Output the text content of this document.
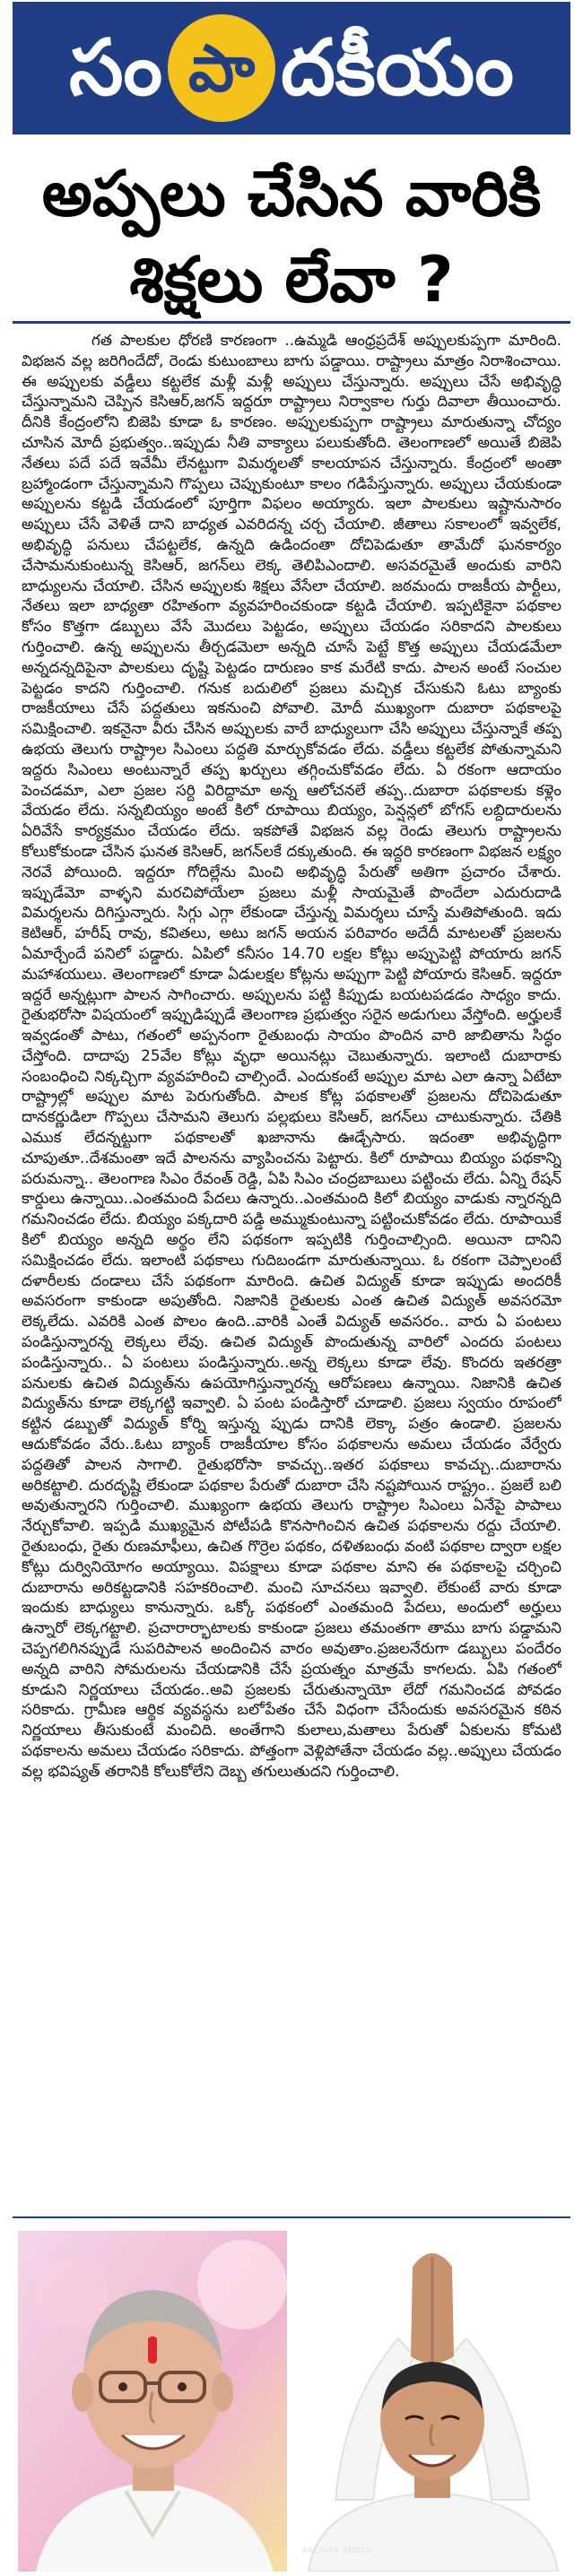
సం పా దకీయం
అప్పలు చేసిన వారికి
శిక్షలు లేవా ?

గత పాలకుల ధోరణి కారణంగా ..ఉమ్మడి ఆంధ్రప్రదేశ్ అప్పులకుప్పగా మారింది. విభజన వల్ల జరిగిందేదో, రెండు కుటుంబాలు బాగు పడ్డాయి. రాష్ట్రాలు మాత్రం నిరాశించాయి. ఈ అప్పులకు వడ్డీలు కట్టలేక మళ్లీ మళ్లీ అప్పులు చేస్తున్నారు. అప్పులు చేసే అభివృద్ధి చేస్తున్నామని చెప్పిన కెసిఆర్,జగన్ ఇద్దరూ రాష్ట్రాలు నిర్వాకాల గుర్తు దివాలా తీయించారు. దీనికి కేంద్రంలోని బిజెపి కూడా ఓ కారణం. అప్పులకుప్పగా రాష్ట్రాలు మారుతున్నా చోద్యం చూసిన మోదీ ప్రభుత్వం..ఇప్పుడు నీతి వాక్యాలు పలుకుతోంది. తెలంగాణలో అయితే బిజెపి నేతలు పదే పదే ఇవేమీ లేనట్టుగా విమర్శలతో కాలయాపన చేస్తున్నారు. కేంద్రంలో అంతా బ్రహ్మాండంగా చేస్తున్నామని గొప్పలు చెప్పుకుంటూ కాలం గడిపేస్తున్నారు. అప్పులు చేయకుండా అప్పులను కట్టడి చేయడంలో పూర్తిగా విఫలం అయ్యారు. ఇలా పాలకులు ఇష్టానుసారం అప్పులు చేసే వెళితే దాని బాధ్యత ఎవరిదన్న చర్చ చేయాలి. జీతాలు సకాలంలో ఇవ్వలేక, అభివృద్ధి పనులు చేపట్టలేక, ఉన్నది ఉడిందంతా దోచిపెడుతూ తామేదో ఘనకార్యం చేసామనుకుంటున్న కెసిఆర్, జగన్‌లు లెక్క తెలిపిఎందాలి. అసవరమైతే అందుకు వారిని బాధ్యులను చేయాలి. చేసిన అప్పులకు శిక్షలు వేసేలా చేయాలి. జఠమందు రాజకీయ పార్టీలు, నేతలు ఇలా బాధ్యతా రహితంగా వ్యవహరించకుండా కట్టడి చేయాలి. ఇప్పటికైనా పథకాల కోసం కొత్తగా డబ్బులు వేసే మొదలు పెట్టడం, అప్పులు చేయడం సరికాదని పాలకులు గుర్తించాలి. ఉన్న అప్పులను తీర్చడమెలా అన్నది చూసే పెట్టే కొత్త అప్పులు చేయడమేలా అన్నదన్నదిపైనా పాలకులు దృష్టి పెట్టడం దారుణం కాక మరేటి కాదు. పాలన అంటే సంచుల పెట్టడం కాదని గుర్తించాలి. గనుక బదులిలో ప్రజలు మచ్చిక చేసుకుని ఓటు బ్యాంకు రాజకీయాలు చేసే పద్దతులు ఇకనుంచి పోవాలి. మోదీ ముఖ్యంగా దుబారా పథకాలపై సమిక్షించాలి. ఇకనైనా వీరు చేసిన అప్పులకు వారే బాధ్యులుగా చేసి అప్పులు చేస్తున్నాకే తప్ప ఉభయ తెలుగు రాష్ట్రాల సిఎంలు పద్దతి మార్చుకోవడం లేదు. వడ్డీలు కట్టలేక పోతున్నామని ఇద్దరు సిఎంలు అంటున్నారే తప్ప ఖర్చులు తగ్గించుకోవడం లేదు. ఏ రకంగా ఆదాయం పెంచడమా, ఎలా ప్రజల సర్ది విరిద్దామా అన్న ఆలోచనలే తప్ప..దుబారా పథకాలకు కళ్లెం వేయడం లేదు. సన్నబియ్యం అంటే కిలో రూపాయి బియ్యం, పెన్షన్లలో బోగస్ లబ్దిదారులను ఏరివేసే కార్యక్రమం చేయడం లేదు. ఇకపోతే విభజన వల్ల రెండు తెలుగు రాష్ట్రాలను కోలుకోకుండా చేసిన ఘనత కెసిఆర్, జగన్‌లకే దక్కుతుంది. ఈ ఇద్దరి కారణంగా విభజన లక్ష్యం నెరవే పోయింది. ఇద్దరూ గోదిల్లేను మించి అభివృద్ధి పేరుతో అతిగా ప్రచారం చేశారు. ఇప్పుడేమో వాళ్ళని మరచిపోయేలా ప్రజలు మళ్లీ సాయమైతే పొందేలా ఎదురుదాడి విమర్శలను దిగిస్తున్నారు. సిగ్గు ఎగ్గా లేకుండా చేస్తున్న విమర్శలు చూస్తే మతిపోతుంది. ఇదు కెటిఆర్, హరీష్ రావు, కవితలు, అటు జగన్ అయన పరివారం అదేదీ మాటలతో ప్రజలను ఏమార్చేందే పనిలో పడ్డారు. ఏపిలో కనీసం 14.70 లక్షల కోట్లు అప్పుపెట్టి పోయారు జగన్ మహాశయులు. తెలంగాణలో కూడా ఏడులక్షల కోట్లను అప్పుగా పెట్టి పోయారు కెసిఆర్. ఇద్దరూ ఇద్దరే అన్నట్లుగా పాలన సాగించారు. అప్పులను పట్టి కిప్పుడు బయటపడడం సాధ్యం కాదు. రైతుభరోసా విషయంలో ఇప్పుడిప్పుడే తెలంగాణ ప్రభుత్వం సరైన అడుగులు వేస్తోంది. అర్హులకే ఇవ్వడంతో పాటు, గతంలో అప్పనంగా రైతుబంధు సాయం పొందిన వారి జాబితాను సిద్ధం చేస్తోంది. దాదాపు 25వేల కోట్లు వృధా అయినట్లు చెబుతున్నారు. ఇలాంటి దుబారాకు సంబంధించి నిక్కచ్చిగా వ్యవహరించి చాల్సిందే. ఎందుకంటే అప్పుల మాట ఎలా ఉన్నా ఏటేటా రాష్ట్రాల్లో అప్పుల మాట పెరుగుతోంది. పాలక కోట్ల పథకాలతో ప్రజలను దోచిపెడుతూ దానకర్ణుడిలా గొప్పలు చేసామని తెలుగు పల్లభులు కెసిఆర్, జగన్‌లు చాటుకున్నారు. చేతికి ఎముక లేదన్నట్టుగా పథకాలతో ఖజానాను ఊడ్చేసారు. ఇదంతా అభివృద్ధిగా చూపుతూ..దేశమంతా ఇదే పాలనను వ్యాపించను పెట్టారు. కిలో రూపాయి బియ్యం పథకాన్ని పరుమన్నా.. తెలంగాణ సిఎం రేవంత్ రెడ్డి, ఏపి సిఎం చంద్రబాబులు పట్టించు లేదు. ఏన్ని రేషన్ కార్డులు ఉన్నాయి..ఎంతమంది పేదలు ఉన్నారు..ఎంతమంది కిలో బియ్యం వాడుకు న్నారన్నది గమనించడం లేదు. బియ్యం పక్కదారి పడ్డి అమ్ముకుంటున్నా పట్టించుకోవడం లేదు. రూపాయికే కిలో బియ్యం అన్నది అర్థం లేని పథకంగా ఇప్పటికి గుర్తించాల్సింది. అయినా దానిని సమిక్షించడం లేదు. ఇలాంటి పథకాలు గుదిబండగా మారుతున్నాయి. ఓ రకంగా చెప్పాలంటే దళారీలకు దండాలు చేసే పథకంగా మారింది. ఉచిత విద్యుత్ కూడా ఇప్పుడు అందరికీ అవసరంగా కాకుండా అపుతోంది. నిజానికి రైతులకు ఎంత ఉచిత విద్యుత్ అవసరమో లెక్కలేదు. ఎవరికి ఎంత పొలం ఉంది..వారికి ఎంతే విద్యుత్ అవసరం.. వారు ఏ పంటలు పండిస్తున్నారన్న లెక్కలు లేవు. ఉచిత విద్యుత్ పొందుతున్న వారిలో ఎందరు పంటలు పండిస్తున్నారు.. ఏ పంటలు పండిస్తున్నారు..అన్న లెక్కలు కూడా లేవు. కొందరు ఇతరత్రా పనులకు ఉచిత విద్యుత్‌ను ఉపయోగిస్తున్నారన్న ఆరోపణలు ఉన్నాయి. నిజానికి ఉచిత విద్యుత్‌ను కూడా లెక్కగట్టి ఇవ్వాలి. ఏ పంట పండిస్తారో చూడాలి. ప్రజలు స్వయం రూపంలో కట్టిన డబ్బుతో విద్యుత్ కోర్ని ఇస్తున్న ప్పుడు దానికి లెక్కా పత్రం ఉండాలి. ప్రజలను ఆదుకోవడం వేరు..ఓటు బ్యాంక్ రాజకీయాల కోసం పథకాలను అమలు చేయడం వేర్వేరు పద్దతితో పాలన సాగాలి. రైతుభరోసా కావచ్చు..ఇతర పథకాలు కావచ్చు..దుబారాను అరికట్టాలి. దురదృష్టి లేకుండా పథకాల పేరుతో దుబారా చేసి నష్టపోయిన రాష్ట్రం.. ప్రజలే బలి అవుతున్నారని గుర్తించాలి. ముఖ్యంగా ఉభయ తెలుగు రాష్ట్రాల సిఎంలు ఏనేపై పాపాలు నేర్చుకోవాలి. ఇప్పడి ముఖ్యమైన పోటీపడి కొనసాగించిన ఉచిత పథకాలను రద్దు చేయాలి. రైతుబంధు, రైతు రుణమాఫీలు, ఉచిత గొర్రెల పథకం, దళితబంధు వంటి పథకాల ద్వారా లక్షల కోట్లు దుర్వినియోగం అయ్యాయి. విపక్షాలు కూడా పథకాల మాని ఈ పథకాలపై చర్చించి దుబారాను అరికట్టడానికి సహకరించాలి. మంచి సూచనలు ఇవ్వాలి. లేకుంటే వారు కూడా ఇందుకు బాధ్యులు కానున్నారు. ఒక్కో పథకంలో ఎంతమంది పేదలు, అందులో అర్హులు ఉన్నారో లెక్కగట్టాలి. ప్రచారార్భాటాలకు కాకుండా ప్రజలు తమంతగా తాము బాగు పడ్డామని చెప్పగలిగినప్పుడే సుపరిపాలన అందించిన వారం అవుతాం.ప్రజలనేరుగా డబ్బులు పందేరం అన్నది వారిని సోమరులను చేయడానికి చేసే ప్రయత్నం మాత్రమే కాగలదు. ఏపి గతంలో కూడుని నిర్ణయాలు చేయడం..అవి ప్రజలకు చేరుతున్నాయో లేదో గమనించడ పోవడం సరికాదు. గ్రామీణ ఆర్థిక వ్యవస్థను బలోపేతం చేసే విధంగా చేసేందుకు అవసరమైన కఠిన నిర్ణయాలు తీసుకుంటే మంచిది. అంతేగాని కులాలు,మతాలు పేరుతో ఏకులను కోమటి పథకాలను అమలు చేయడం సరికాదు. పోత్తంగా వెళ్లిపోతేనా చేయడం వల్ల..అప్పులు చేయడం వల్ల భవిష్యత్ తరానికి కోలుకోలేని దెబ్బ తగులుతుదని గుర్తించాలి.

ARCHIVE PHOTO
